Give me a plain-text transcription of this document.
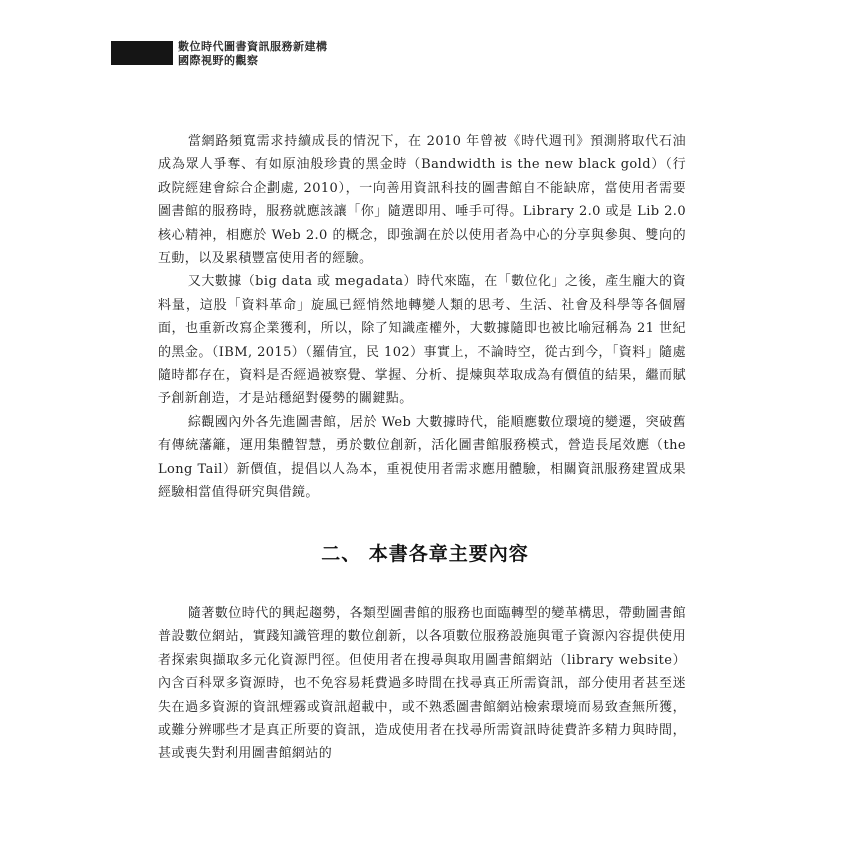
數位時代圖書資訊服務新建構
國際視野的觀察

當網路頻寬需求持續成長的情況下，在 2010 年曾被《時代週刊》預測將取代石油成為眾人爭奪、有如原油般珍貴的黑金時（Bandwidth is the new black gold）（行政院經建會綜合企劃處, 2010），一向善用資訊科技的圖書館自不能缺席，當使用者需要圖書館的服務時，服務就應該讓「你」隨選即用、唾手可得。Library 2.0 或是 Lib 2.0 核心精神，相應於 Web 2.0 的概念，即強調在於以使用者為中心的分享與參與、雙向的互動，以及累積豐富使用者的經驗。

又大數據（big data 或 megadata）時代來臨，在「數位化」之後，產生龐大的資料量，這股「資料革命」旋風已經悄然地轉變人類的思考、生活、社會及科學等各個層面，也重新改寫企業獲利，所以，除了知識產權外，大數據隨即也被比喻冠稱為 21 世紀的黑金。（IBM, 2015）（羅倩宜，民 102）事實上，不論時空，從古到今，「資料」隨處隨時都存在，資料是否經過被察覺、掌握、分析、提煉與萃取成為有價值的結果，繼而賦予創新創造，才是站穩絕對優勢的關鍵點。

綜觀國內外各先進圖書館，居於 Web 大數據時代，能順應數位環境的變遷，突破舊有傳統藩籬，運用集體智慧，勇於數位創新，活化圖書館服務模式，營造長尾效應（the Long Tail）新價值，提倡以人為本，重視使用者需求應用體驗，相關資訊服務建置成果經驗相當值得研究與借鏡。

二、 本書各章主要內容

隨著數位時代的興起趨勢，各類型圖書館的服務也面臨轉型的變革構思，帶動圖書館普設數位網站，實踐知識管理的數位創新，以各項數位服務設施與電子資源內容提供使用者探索與擷取多元化資源門徑。但使用者在搜尋與取用圖書館網站（library website）內含百科眾多資源時，也不免容易耗費過多時間在找尋真正所需資訊，部分使用者甚至迷失在過多資源的資訊煙霧或資訊超載中，或不熟悉圖書館網站檢索環境而易致查無所獲，或難分辨哪些才是真正所要的資訊，造成使用者在找尋所需資訊時徒費許多精力與時間，甚或喪失對利用圖書館網站的
